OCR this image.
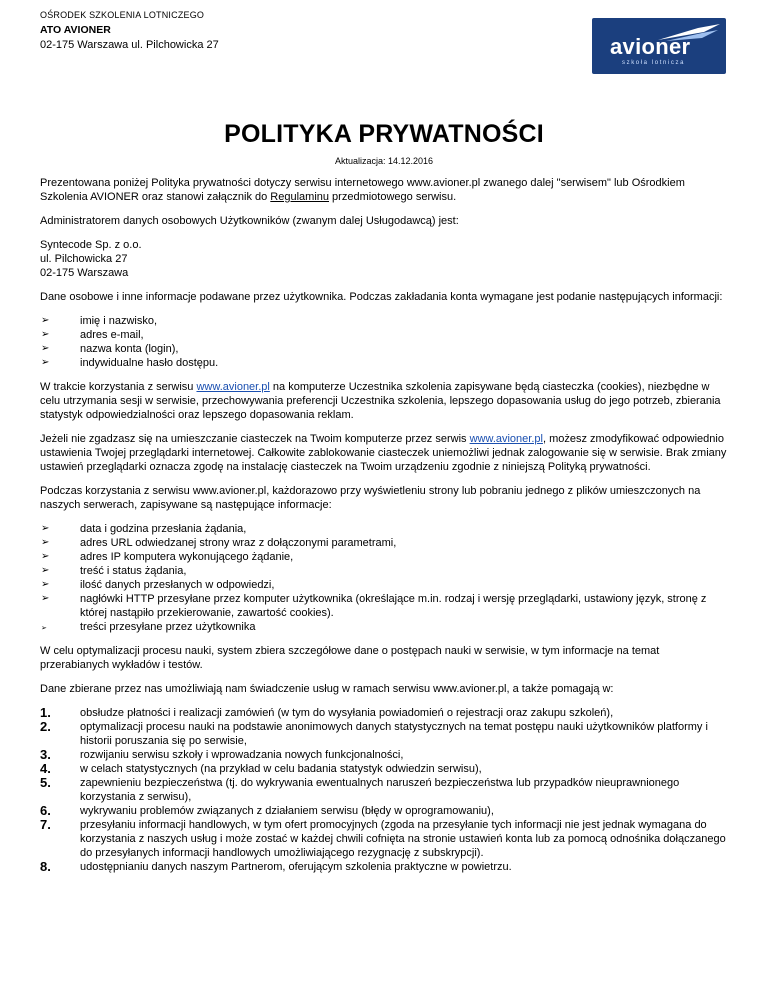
OŚRODEK SZKOLENIA LOTNICZEGO
ATO AVIONER
02-175 Warszawa ul. Pilchowicka 27	avioner
szkoła lotnicza
POLITYKA PRYWATNOŚCI
Aktualizacja: 14.12.2016

Prezentowana poniżej Polityka prywatności dotyczy serwisu internetowego www.avioner.pl zwanego dalej "serwisem" lub Ośrodkiem Szkolenia AVIONER oraz stanowi załącznik do Regulaminu przedmiotowego serwisu.

Administratorem danych osobowych Użytkowników (zwanym dalej Usługodawcą) jest:

Syntecode Sp. z o.o.
ul. Pilchowicka 27
02-175 Warszawa

Dane osobowe i inne informacje podawane przez użytkownika. Podczas zakładania konta wymagane jest podanie następujących informacji:

➢	imię i nazwisko,
➢	adres e-mail,
➢	nazwa konta (login),
➢	indywidualne hasło dostępu.

W trakcie korzystania z serwisu www.avioner.pl na komputerze Uczestnika szkolenia zapisywane będą ciasteczka (cookies), niezbędne w celu utrzymania sesji w serwisie, przechowywania preferencji Uczestnika szkolenia, lepszego dopasowania usług do jego potrzeb, zbierania statystyk odpowiedzialności oraz lepszego dopasowania reklam.

Jeżeli nie zgadzasz się na umieszczanie ciasteczek na Twoim komputerze przez serwis www.avioner.pl, możesz zmodyfikować odpowiednio ustawienia Twojej przeglądarki internetowej. Całkowite zablokowanie ciasteczek uniemożliwi jednak zalogowanie się w serwisie. Brak zmiany ustawień przeglądarki oznacza zgodę na instalację ciasteczek na Twoim urządzeniu zgodnie z niniejszą Polityką prywatności.

Podczas korzystania z serwisu www.avioner.pl, każdorazowo przy wyświetleniu strony lub pobraniu jednego z plików umieszczonych na naszych serwerach, zapisywane są następujące informacje:

➢	data i godzina przesłania żądania,
➢	adres URL odwiedzanej strony wraz z dołączonymi parametrami,
➢	adres IP komputera wykonującego żądanie,
➢	treść i status żądania,
➢	ilość danych przesłanych w odpowiedzi,
➢	nagłówki HTTP przesyłane przez komputer użytkownika (określające m.in. rodzaj i wersję przeglądarki, ustawiony język, stronę z której nastąpiło przekierowanie, zawartość cookies).
➢	treści przesyłane przez użytkownika

W celu optymalizacji procesu nauki, system zbiera szczegółowe dane o postępach nauki w serwisie, w tym informacje na temat przerabianych wykładów i testów.

Dane zbierane przez nas umożliwiają nam świadczenie usług w ramach serwisu www.avioner.pl, a także pomagają w:

1.	obsłudze płatności i realizacji zamówień (w tym do wysyłania powiadomień o rejestracji oraz zakupu szkoleń),
2.	optymalizacji procesu nauki na podstawie anonimowych danych statystycznych na temat postępu nauki użytkowników platformy i historii poruszania się po serwisie,
3.	rozwijaniu serwisu szkoły i wprowadzania nowych funkcjonalności,
4.	w celach statystycznych (na przykład w celu badania statystyk odwiedzin serwisu),
5.	zapewnieniu bezpieczeństwa (tj. do wykrywania ewentualnych naruszeń bezpieczeństwa lub przypadków nieuprawnionego korzystania z serwisu),
6.	wykrywaniu problemów związanych z działaniem serwisu (błędy w oprogramowaniu),
7.	przesyłaniu informacji handlowych, w tym ofert promocyjnych (zgoda na przesyłanie tych informacji nie jest jednak wymagana do korzystania z naszych usług i może zostać w każdej chwili cofnięta na stronie ustawień konta lub za pomocą odnośnika dołączanego do przesyłanych informacji handlowych umożliwiającego rezygnację z subskrypcji).
8.	udostępnianiu danych naszym Partnerom, oferującym szkolenia praktyczne w powietrzu.
